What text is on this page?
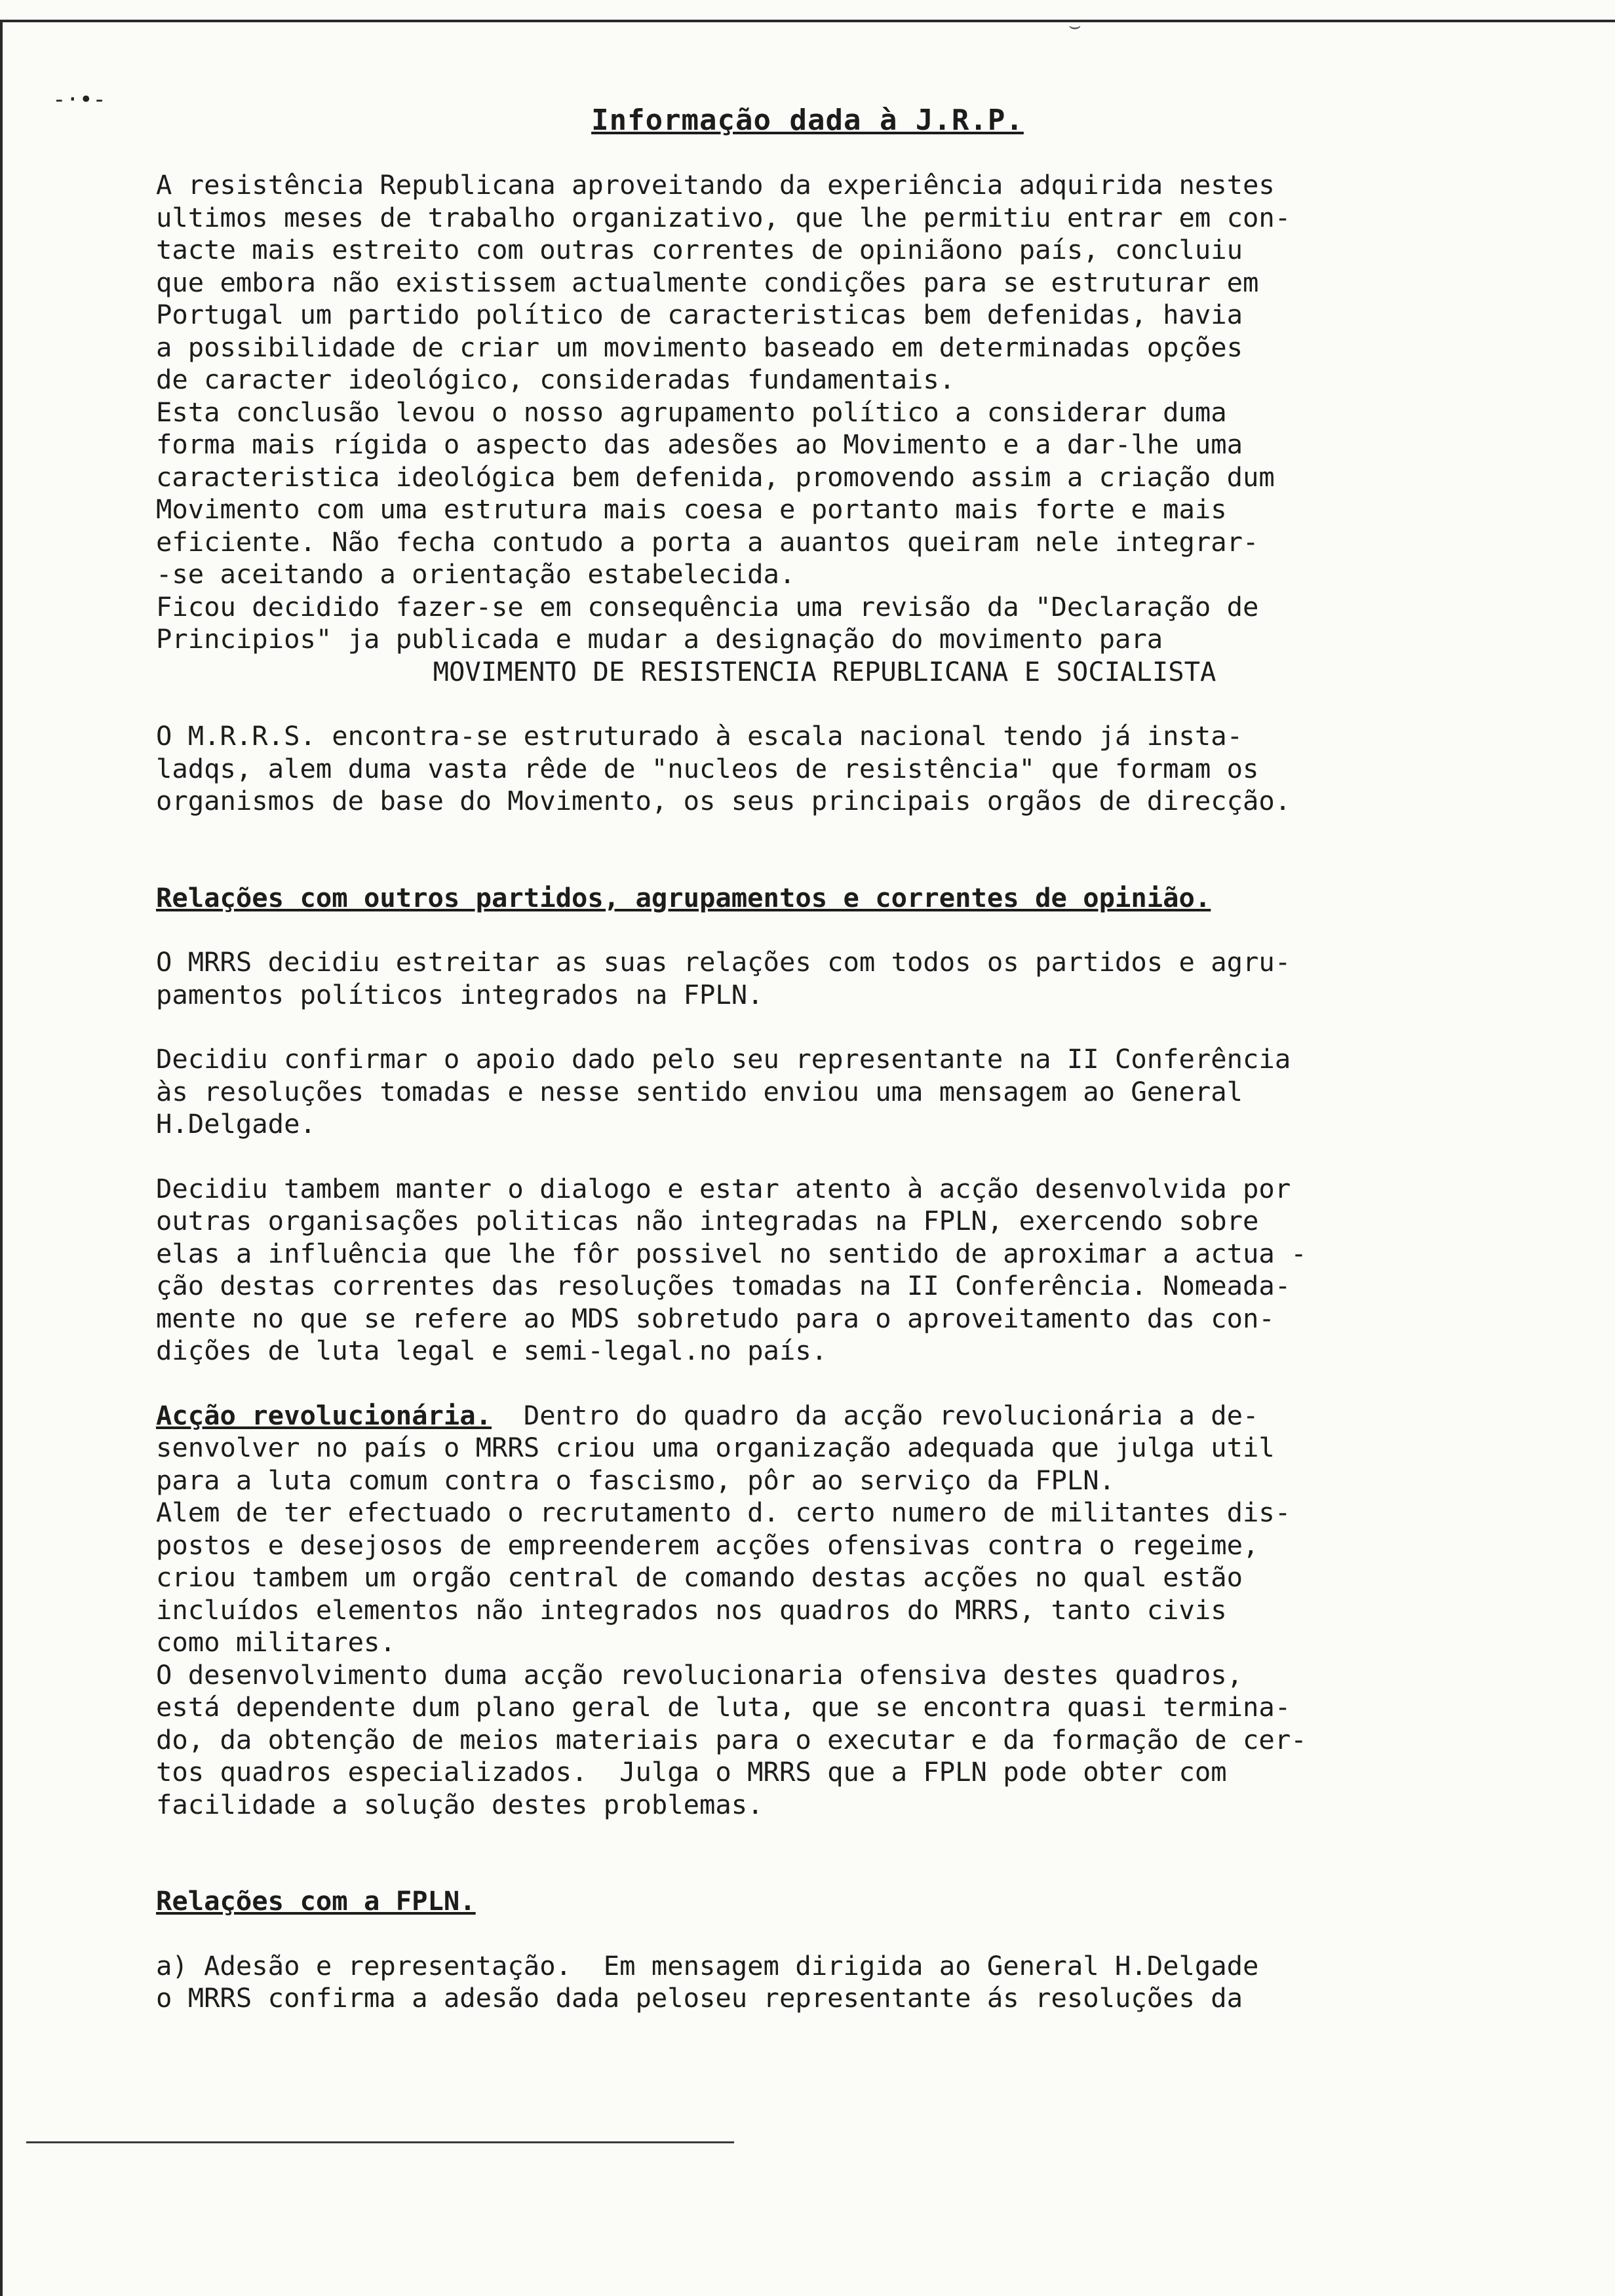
⌣
-·•-
Informação dada à J.R.P.

A resistência Republicana aproveitando da experiência adquirida nestes

ultimos meses de trabalho organizativo, que lhe permitiu entrar em con-

tacte mais estreito com outras correntes de opiniãono país, concluiu

que embora não existissem actualmente condições para se estruturar em

Portugal um partido político de caracteristicas bem defenidas, havia

a possibilidade de criar um movimento baseado em determinadas opções

de caracter ideológico, consideradas fundamentais.

Esta conclusão levou o nosso agrupamento político a considerar duma

forma mais rígida o aspecto das adesões ao Movimento e a dar-lhe uma

caracteristica ideológica bem defenida, promovendo assim a criação dum

Movimento com uma estrutura mais coesa e portanto mais forte e mais

eficiente. Não fecha contudo a porta a auantos queiram nele integrar-

-se aceitando a orientação estabelecida.

Ficou decidido fazer-se em consequência uma revisão da "Declaração de

Principios" ja publicada e mudar a designação do movimento para

MOVIMENTO DE RESISTENCIA REPUBLICANA E SOCIALISTA

O M.R.R.S. encontra-se estruturado à escala nacional tendo já insta-

ladqs, alem duma vasta rêde de "nucleos de resistência" que formam os

organismos de base do Movimento, os seus principais orgãos de direcção.

Relações com outros partidos, agrupamentos e correntes de opinião.

O MRRS decidiu estreitar as suas relações com todos os partidos e agru-

pamentos políticos integrados na FPLN.

Decidiu confirmar o apoio dado pelo seu representante na II Conferência

às resoluções tomadas e nesse sentido enviou uma mensagem ao General

H.Delgade.

Decidiu tambem manter o dialogo e estar atento à acção desenvolvida por

outras organisações politicas não integradas na FPLN, exercendo sobre

elas a influência que lhe fôr possivel no sentido de aproximar a actua -

ção destas correntes das resoluções tomadas na II Conferência. Nomeada-

mente no que se refere ao MDS sobretudo para o aproveitamento das con-

dições de luta legal e semi-legal.no país.

Acção revolucionária.  Dentro do quadro da acção revolucionária a de-

senvolver no país o MRRS criou uma organização adequada que julga util

para a luta comum contra o fascismo, pôr ao serviço da FPLN.

Alem de ter efectuado o recrutamento d. certo numero de militantes dis-

postos e desejosos de empreenderem acções ofensivas contra o regeime,

criou tambem um orgão central de comando destas acções no qual estão

incluídos elementos não integrados nos quadros do MRRS, tanto civis

como militares.

O desenvolvimento duma acção revolucionaria ofensiva destes quadros,

está dependente dum plano geral de luta, que se encontra quasi termina-

do, da obtenção de meios materiais para o executar e da formação de cer-

tos quadros especializados.  Julga o MRRS que a FPLN pode obter com

facilidade a solução destes problemas.

Relações com a FPLN.

a) Adesão e representação.  Em mensagem dirigida ao General H.Delgade

o MRRS confirma a adesão dada peloseu representante ás resoluções da
